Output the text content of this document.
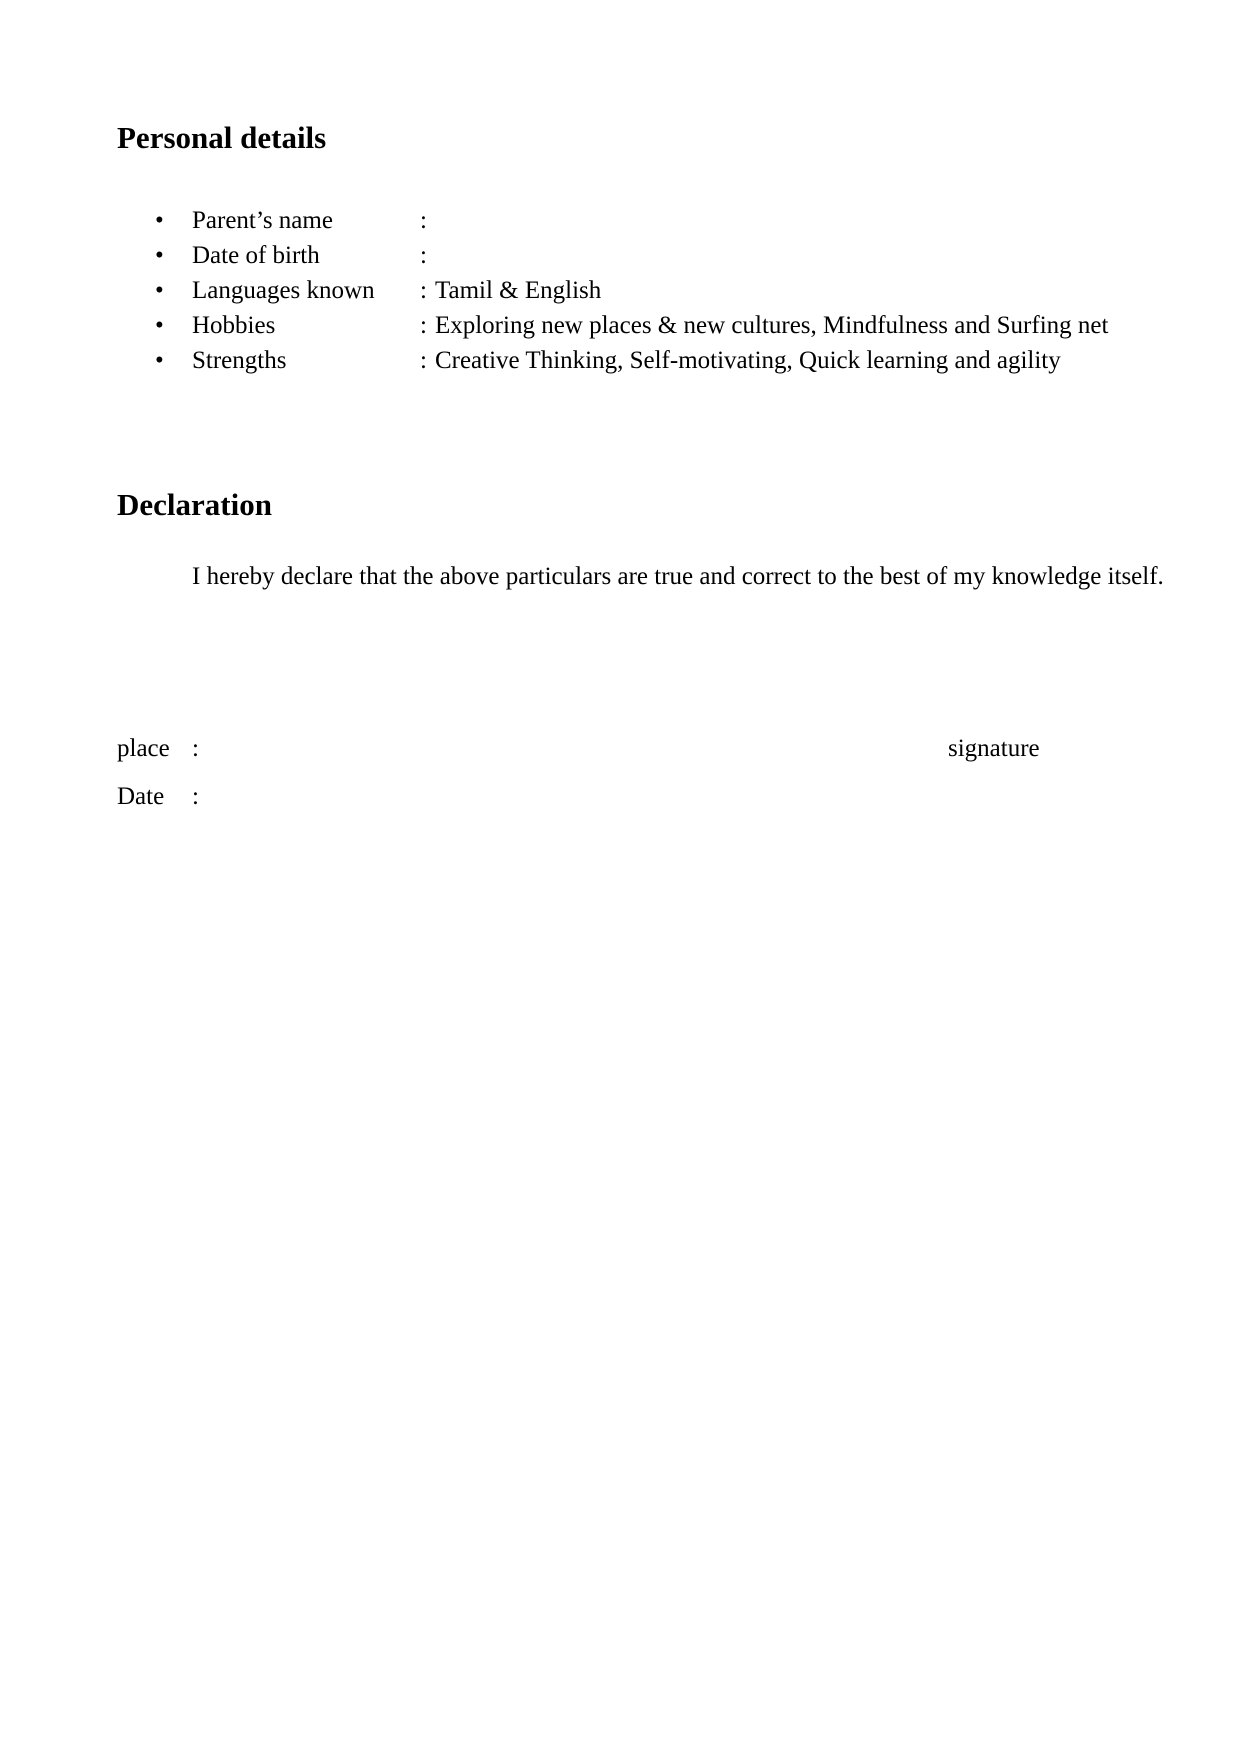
Personal details
• Parent’s name	:
• Date of birth	:
• Languages known : Tamil & English
• Hobbies	: Exploring new places & new cultures, Mindfulness and Surfing net
• Strengths	: Creative Thinking, Self-motivating, Quick learning and agility
Declaration

I hereby declare that the above particulars are true and correct to the best of my knowledge itself.

place :	signature
Date :
